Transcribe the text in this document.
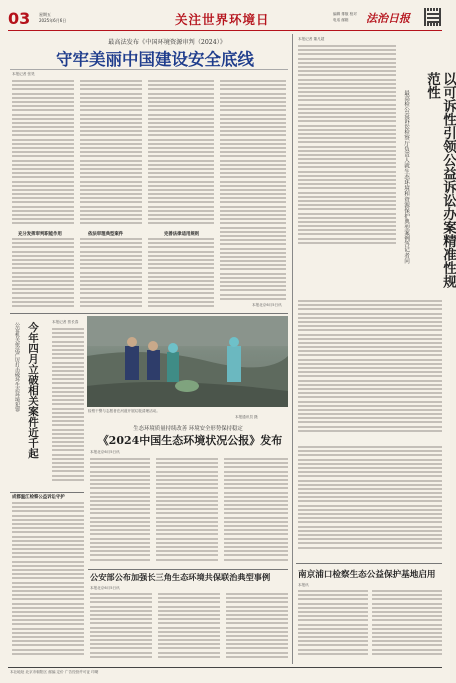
03 星期五
2025年6月6日	关注世界环境日	编辑 排版 校对
电话 邮箱 法治日报
最高法发布《中国环境资源审判（2024）》
守牢美丽中国建设安全底线
本报记者 张昊
充分发挥审判职能作用	依法审理典型案件	完善法律适用规则
本报北京6月5日讯
今年四月立破相关案件近千起
公安机关依法严厉打击破坏生态环境犯罪	本报记者 蔡长春
成都温江检察公益诉讼守护
检察干警与志愿者在河道开展垃圾清理活动。
本报通讯员 摄
生态环境质量持续改善 环境安全形势保持稳定
《2024中国生态环境状况公报》发布
本报北京6月5日讯
公安部公布加强长三角生态环境共保联治典型事例
本报北京6月5日讯
本报记者 董凡超
以可诉性引领公益诉讼办案精准性规范性
最高检公益诉讼检察厅负责人就生态环境和资源保护典型案例答记者问
南京浦口检察生态公益保护基地启用
本报讯
本社地址 北京市朝阳区 邮编 定价 广告经营许可证 印刷
